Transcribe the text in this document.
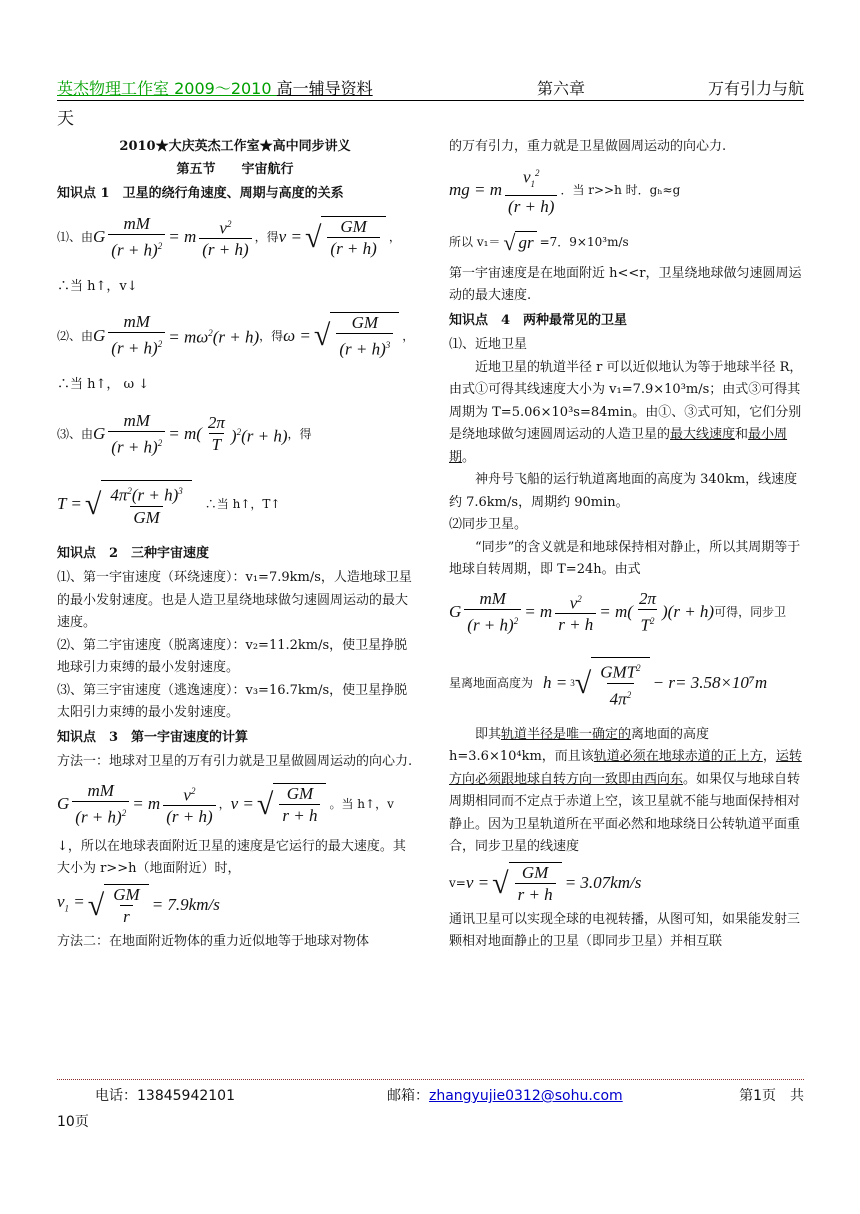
英杰物理工作室 2009～2010 高一辅导资料	第六章	万有引力与航
天
2010★大庆英杰工作室★高中同步讲义
第五节　　宇宙航行
知识点 1　卫星的绕行角速度、周期与高度的关系
⑴、由 G $\frac{mM}{(r + h)^2} = m \frac{v^2}{(r + h)}$ ，得 v = √ $\frac{GM}{(r + h)}$ ，

∴当 h↑，v↓

⑵、由 G $\frac{mM}{(r + h)^2} = m\omega^2(r + h)$ ，得 ω = √ $\frac{GM}{(r + h)^3}$ ，

∴当 h↑， ω ↓

⑶、由 G $\frac{mM}{(r + h)^2} = m$ ( $\frac{2\pi}{T} )^2(r + h)$ ，得
T = √ $\frac{4\pi^2(r + h)^3}{GM}$ ∴当 h↑，T↑
知识点　2　三种宇宙速度

⑴、第一宇宙速度（环绕速度）：v₁=7.9km/s，人造地球卫星的最小发射速度。也是人造卫星绕地球做匀速圆周运动的最大速度。

⑵、第二宇宙速度（脱离速度）：v₂=11.2km/s，使卫星挣脱地球引力束缚的最小发射速度。

⑶、第三宇宙速度（逃逸速度）：v₃=16.7km/s，使卫星挣脱太阳引力束缚的最小发射速度。

知识点　3　第一宇宙速度的计算

方法一：地球对卫星的万有引力就是卫星做圆周运动的向心力.

G $\frac{mM}{(r + h)^2} = m \frac{v^2}{(r + h)}$ ， v = √ $\frac{GM}{r + h}$ 。当 h↑，v

↓，所以在地球表面附近卫星的速度是它运行的最大速度。其大小为 r>>h（地面附近）时，

$v_1$ = √ $\frac{GM}{r} = 7.9km/s$

方法二：在地面附近物体的重力近似地等于地球对物体

的万有引力，重力就是卫星做圆周运动的向心力.

mg = m $\frac{v_1^2}{(r + h)}$ ．当 r>>h 时．gₕ≈g
所以 v₁＝ √ gr =7．9×10³m/s

第一宇宙速度是在地面附近 h<<r，卫星绕地球做匀速圆周运动的最大速度.

知识点　4　两种最常见的卫星

⑴、近地卫星

近地卫星的轨道半径 r 可以近似地认为等于地球半径 R，由式①可得其线速度大小为 v₁=7.9×10³m/s；由式③可得其周期为 T=5.06×10³s=84min。由①、③式可知，它们分别是绕地球做匀速圆周运动的人造卫星的最大线速度和最小周期。

神舟号飞船的运行轨道离地面的高度为 340km，线速度约 7.6km/s，周期约 90min。

⑵同步卫星。

“同步”的含义就是和地球保持相对静止，所以其周期等于地球自转周期，即 T=24h。由式

G $\frac{mM}{(r + h)^2} = m \frac{v^2}{r + h} = m( \frac{2\pi}{T^2} )(r + h)$ 可得，同步卫
星离地面高度为 h = 3 √ $\frac{GMT^2}{4\pi^2} - r = 3.58\times 10^7m$

即其轨道半径是唯一确定的离地面的高度 h=3.6×10⁴km，而且该轨道必须在地球赤道的正上方，运转方向必须跟地球自转方向一致即由西向东。如果仅与地球自转周期相同而不定点于赤道上空，该卫星就不能与地面保持相对静止。因为卫星轨道所在平面必然和地球绕日公转轨道平面重合，同步卫星的线速度

v= v = √ $\frac{GM}{r + h} = 3.07km/s$

通讯卫星可以实现全球的电视转播，从图可知，如果能发射三颗相对地面静止的卫星（即同步卫星）并相互联

电话：13845942101	邮箱：zhangyujie0312@sohu.com	第1页　共
10页
